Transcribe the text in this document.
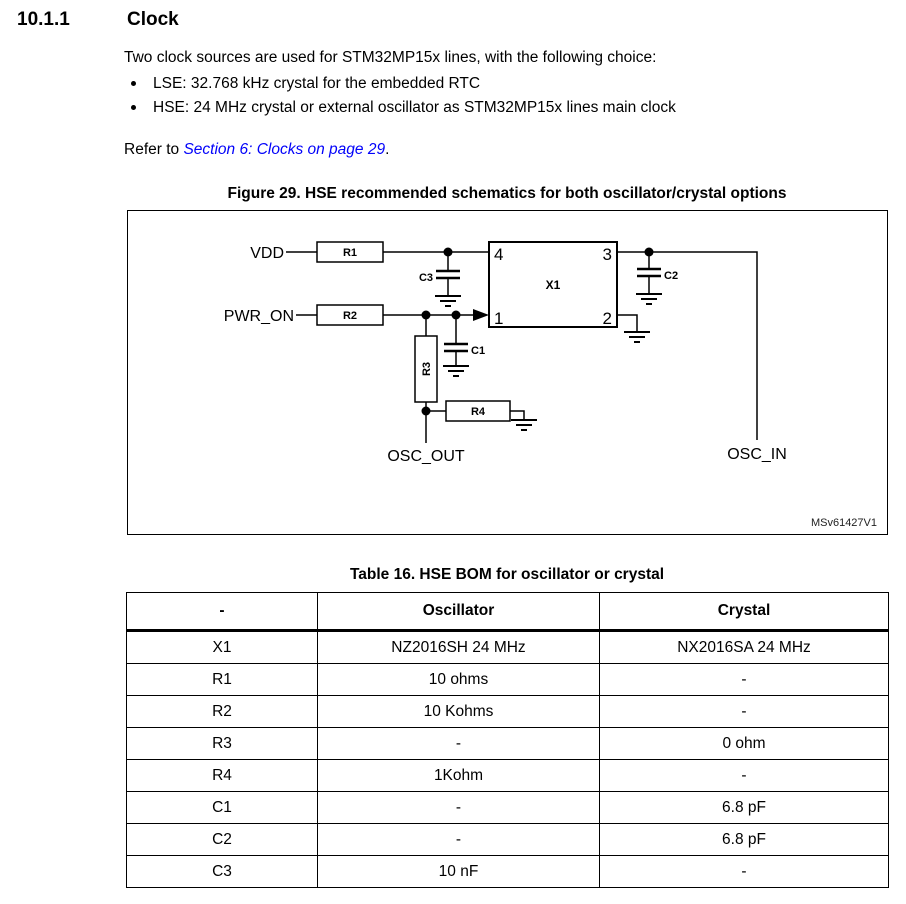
10.1.1	Clock
Two clock sources are used for STM32MP15x lines, with the following choice:
LSE: 32.768 kHz crystal for the embedded RTC
HSE: 24 MHz crystal or external oscillator as STM32MP15x lines main clock
Refer to Section 6: Clocks on page 29.
Figure 29. HSE recommended schematics for both oscillator/crystal options
R1
R2
R3
R4
C3
C1
C2
4	3
1	2
X1
VDD
PWR_ON
OSC_OUT	OSC_IN
MSv61427V1
Table 16. HSE BOM for oscillator or crystal
-	Oscillator	Crystal
X1	NZ2016SH 24 MHz	NX2016SA 24 MHz
R1	10 ohms	-
R2	10 Kohms	-
R3	-	0 ohm
R4	1Kohm	-
C1	-	6.8 pF
C2	-	6.8 pF
C3	10 nF	-
